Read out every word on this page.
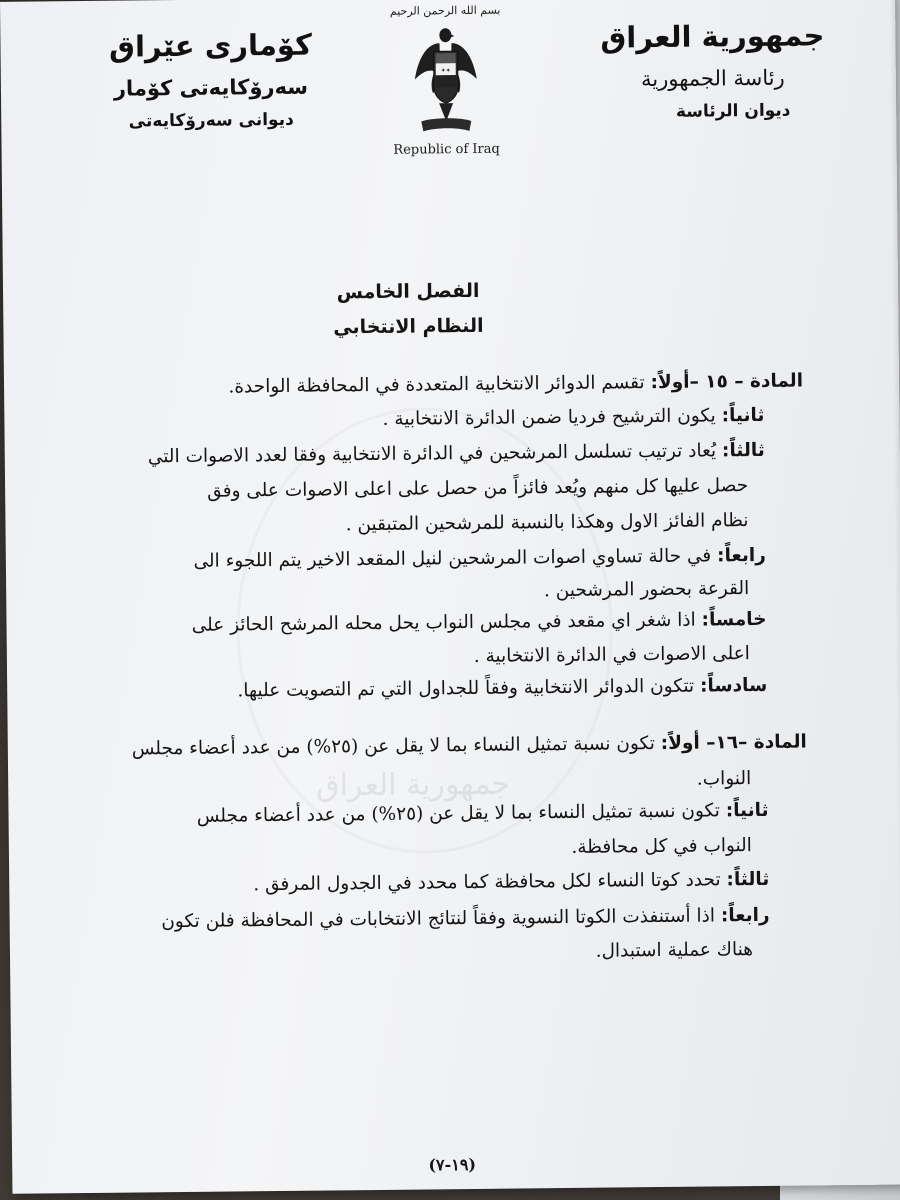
جمهورية العراق
جمهورية العراق
رئاسة الجمهورية
ديوان الرئاسة
بسم الله الرحمن الرحيم
✦✦
Republic of Iraq
كۆمارى عێراق
سەرۆكايەتى كۆمار
ديوانى سەرۆكايەتى
الفصل الخامس
النظام الانتخابي
المادة – ١٥ –أولاً: تقسم الدوائر الانتخابية المتعددة في المحافظة الواحدة.
ثانياً: يكون الترشيح فرديا ضمن الدائرة الانتخابية .
ثالثاً: يُعاد ترتيب تسلسل المرشحين في الدائرة الانتخابية وفقا لعدد الاصوات التي
حصل عليها كل منهم ويُعد فائزاً من حصل على اعلى الاصوات على وفق
نظام الفائز الاول وهكذا بالنسبة للمرشحين المتبقين .
رابعاً: في حالة تساوي اصوات المرشحين لنيل المقعد الاخير يتم اللجوء الى
القرعة بحضور المرشحين .
خامساً: اذا شغر اي مقعد في مجلس النواب يحل محله المرشح الحائز على
اعلى الاصوات في الدائرة الانتخابية .
سادساً: تتكون الدوائر الانتخابية وفقاً للجداول التي تم التصويت عليها.
المادة –١٦– أولاً: تكون نسبة تمثيل النساء بما لا يقل عن (٢٥%) من عدد أعضاء مجلس
النواب.
ثانياً: تكون نسبة تمثيل النساء بما لا يقل عن (٢٥%) من عدد أعضاء مجلس
النواب في كل محافظة.
ثالثاً: تحدد كوتا النساء لكل محافظة كما محدد في الجدول المرفق .
رابعاً: اذا أستنفذت الكوتا النسوية وفقاً لنتائج الانتخابات في المحافظة فلن تكون
هناك عملية استبدال.
(١٩-٧)
